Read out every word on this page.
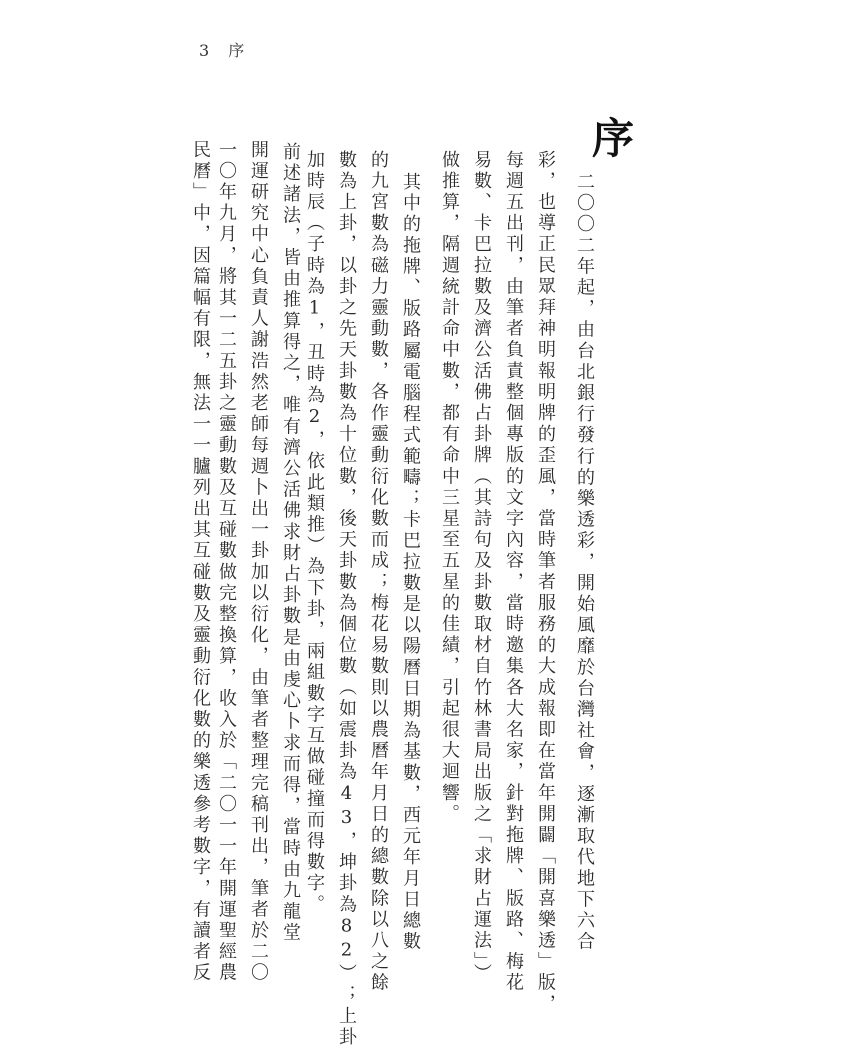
3 序
序
　　二〇〇二年起，由台北銀行發行的樂透彩，開始風靡於台灣社會，逐漸取代地下六合
彩，也導正民眾拜神明報明牌的歪風，當時筆者服務的大成報即在當年開闢「開喜樂透」版，
每週五出刊，由筆者負責整個專版的文字內容，當時邀集各大名家，針對拖牌、版路、梅花
易數、卡巴拉數及濟公活佛占卦牌（其詩句及卦數取材自竹林書局出版之「求財占運法」）
做推算，隔週統計命中數，都有命中三星至五星的佳績，引起很大迴響。
　　其中的拖牌、版路屬電腦程式範疇；卡巴拉數是以陽曆日期為基數，西元年月日總數
的九宮數為磁力靈動數，各作靈動衍化數而成；梅花易數則以農曆年月日的總數除以八之餘
數為上卦，以卦之先天卦數為十位數，後天卦數為個位數（如震卦為43，坤卦為82）；上卦
加時辰（子時為1，丑時為2，依此類推）為下卦，兩組數字互做碰撞而得數字。
　　前述諸法，皆由推算得之，唯有濟公活佛求財占卦數是由虔心卜求而得，當時由九龍堂
開運研究中心負責人謝浩然老師每週卜出一卦加以衍化，由筆者整理完稿刊出，筆者於二〇
一〇年九月，將其一二五卦之靈動數及互碰數做完整換算，收入於「二〇一一年開運聖經農
民曆」中，因篇幅有限，無法一一臚列出其互碰數及靈動衍化數的樂透參考數字，有讀者反
